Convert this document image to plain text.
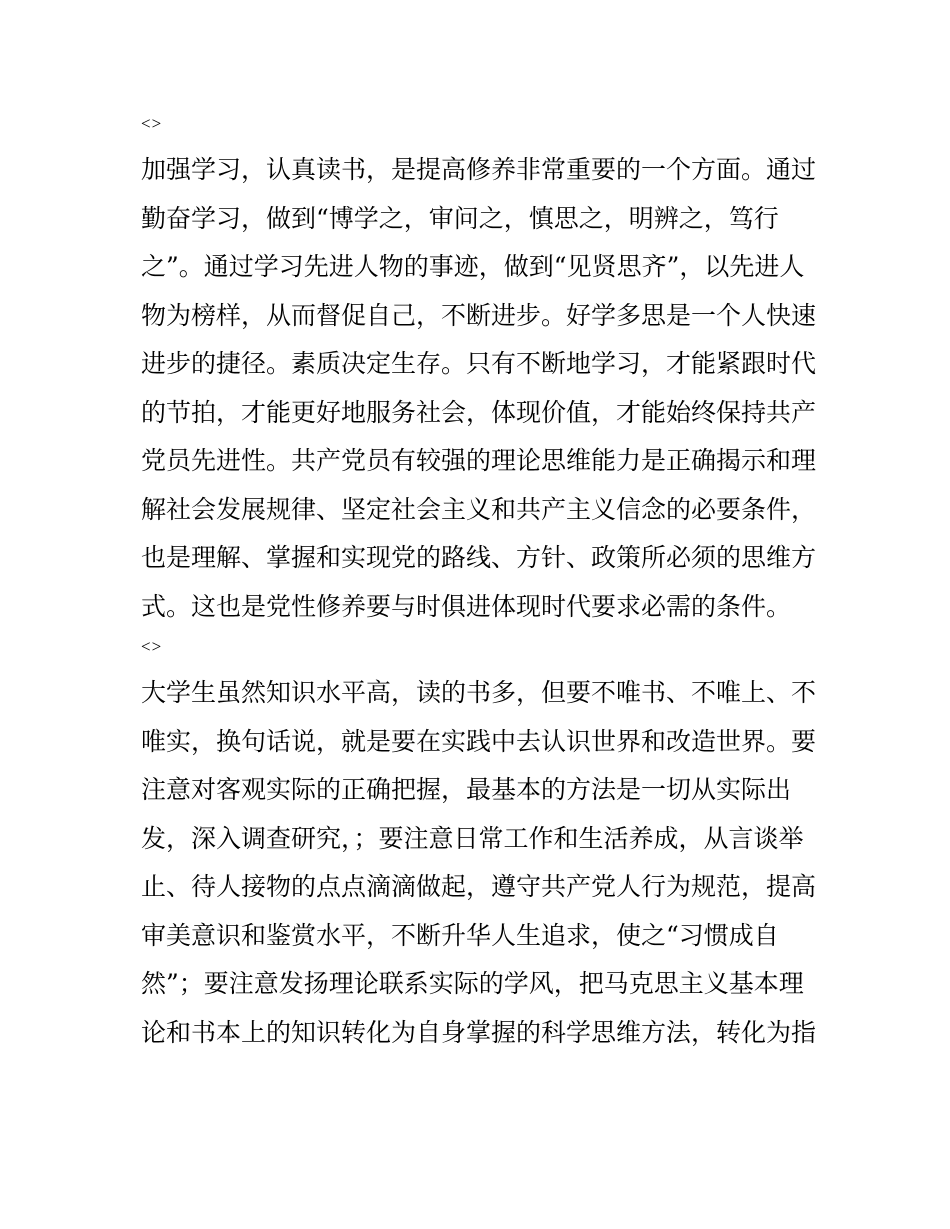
<>

加强学习，认真读书，是提高修养非常重要的一个方面。通过
勤奋学习，做到“博学之，审问之，慎思之，明辨之，笃行
之”。通过学习先进人物的事迹，做到“见贤思齐”，以先进人
物为榜样，从而督促自己，不断进步。好学多思是一个人快速
进步的捷径。素质决定生存。只有不断地学习，才能紧跟时代
的节拍，才能更好地服务社会，体现价值，才能始终保持共产
党员先进性。共产党员有较强的理论思维能力是正确揭示和理
解社会发展规律、坚定社会主义和共产主义信念的必要条件，
也是理解、掌握和实现党的路线、方针、政策所必须的思维方
式。这也是党性修养要与时俱进体现时代要求必需的条件。

<>

大学生虽然知识水平高，读的书多，但要不唯书、不唯上、不
唯实，换句话说，就是要在实践中去认识世界和改造世界。要
注意对客观实际的正确把握，最基本的方法是一切从实际出
发，深入调查研究，；要注意日常工作和生活养成，从言谈举
止、待人接物的点点滴滴做起，遵守共产党人行为规范，提高
审美意识和鉴赏水平，不断升华人生追求，使之“习惯成自
然”；要注意发扬理论联系实际的学风，把马克思主义基本理
论和书本上的知识转化为自身掌握的科学思维方法，转化为指
